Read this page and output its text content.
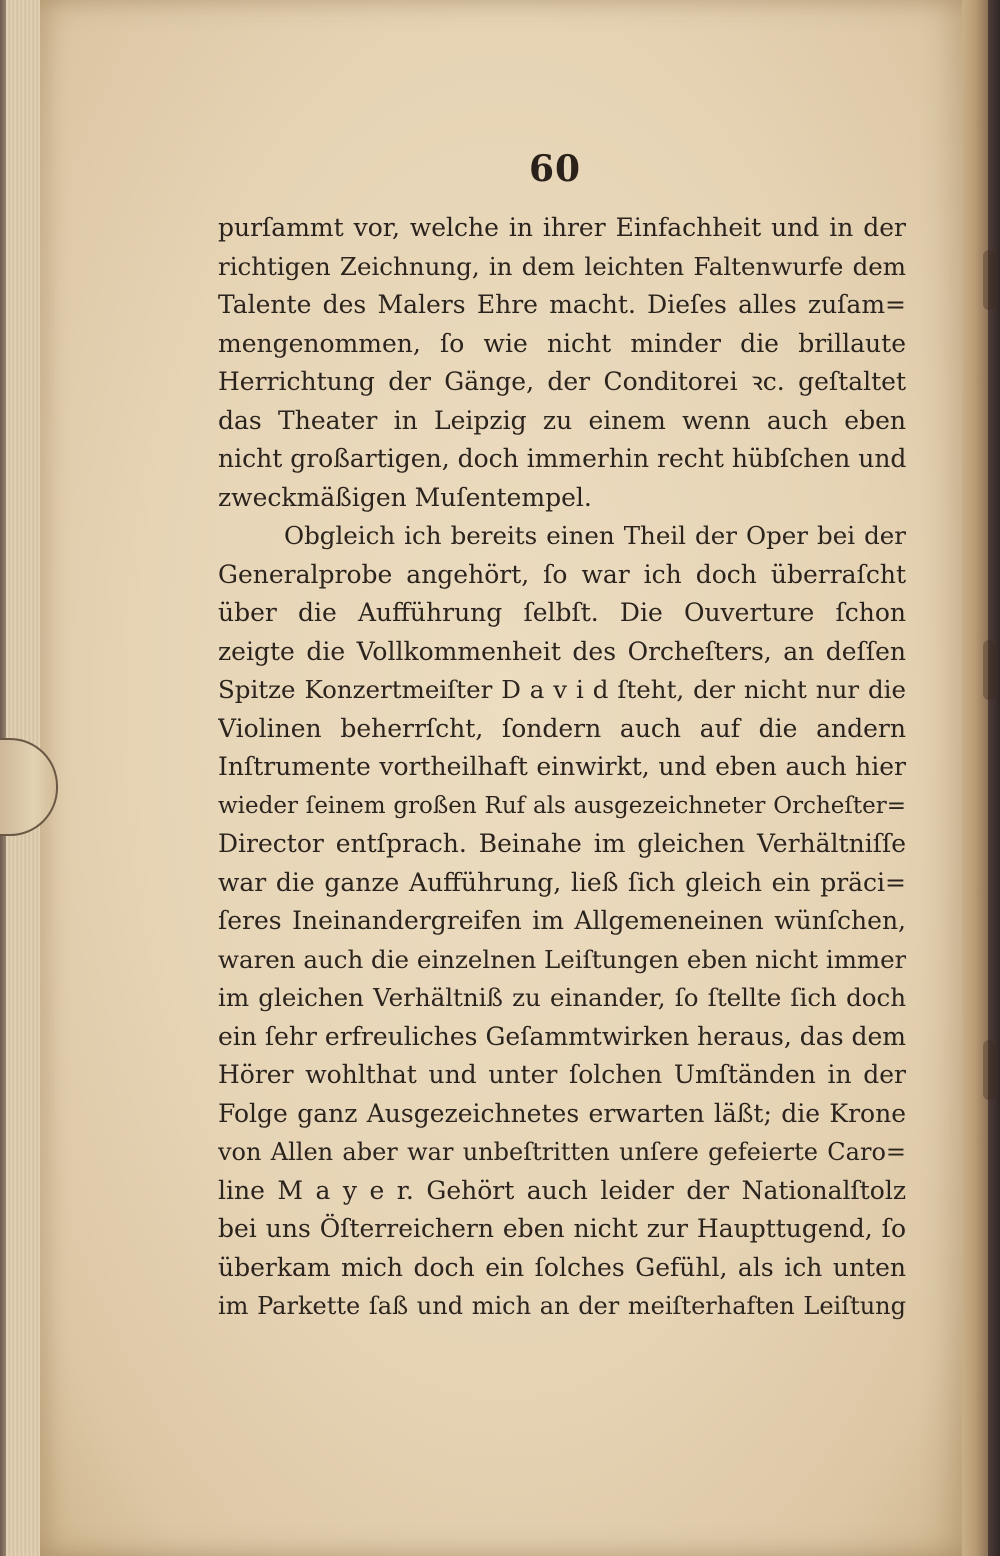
60
purſammt vor, welche in ihrer Einfachheit und in der
richtigen Zeichnung, in dem leichten Faltenwurfe dem
Talente des Malers Ehre macht. Dieſes alles zuſam=
mengenommen, ſo wie nicht minder die brillaute
Herrichtung der Gänge, der Conditorei ꝛc. geſtaltet
das Theater in Leipzig zu einem wenn auch eben
nicht großartigen, doch immerhin recht hübſchen und
zweckmäßigen Muſentempel.
Obgleich ich bereits einen Theil der Oper bei der
Generalprobe angehört, ſo war ich doch überraſcht
über die Aufführung ſelbſt. Die Ouverture ſchon
zeigte die Vollkommenheit des Orcheſters, an deſſen
Spitze Konzertmeiſter D a v i d ſteht, der nicht nur die
Violinen beherrſcht, ſondern auch auf die andern
Inſtrumente vortheilhaft einwirkt, und eben auch hier
wieder ſeinem großen Ruf als ausgezeichneter Orcheſter=
Director entſprach. Beinahe im gleichen Verhältniſſe
war die ganze Aufführung, ließ ſich gleich ein präci=
ſeres Ineinandergreifen im Allgemeneinen wünſchen,
waren auch die einzelnen Leiſtungen eben nicht immer
im gleichen Verhältniß zu einander, ſo ſtellte ſich doch
ein ſehr erfreuliches Geſammtwirken heraus, das dem
Hörer wohlthat und unter ſolchen Umſtänden in der
Folge ganz Ausgezeichnetes erwarten läßt; die Krone
von Allen aber war unbeſtritten unſere gefeierte Caro=
line M a y e r. Gehört auch leider der Nationalſtolz
bei uns Öſterreichern eben nicht zur Haupttugend, ſo
überkam mich doch ein ſolches Gefühl, als ich unten
im Parkette ſaß und mich an der meiſterhaften Leiſtung
